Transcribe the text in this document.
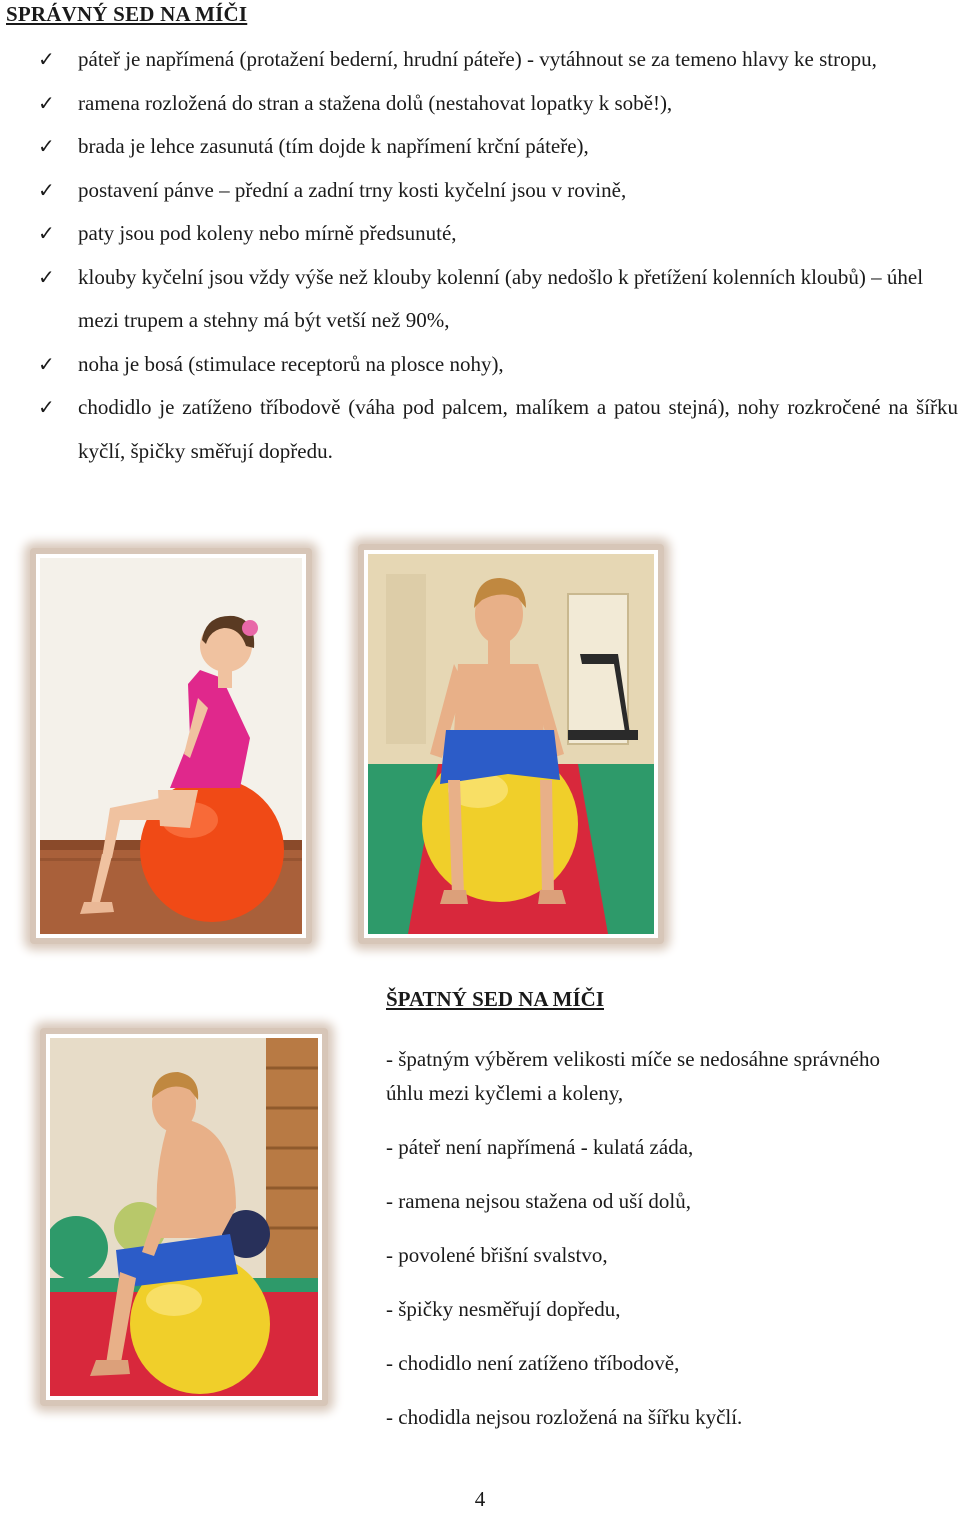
SPRÁVNÝ SED NA MÍČI
✓ páteř je napřímená (protažení bederní, hrudní páteře) - vytáhnout se za temeno hlavy ke stropu,
✓ ramena rozložená do stran a stažena dolů (nestahovat lopatky k sobě!),
✓ brada je lehce zasunutá (tím dojde k napřímení krční páteře),
✓ postavení pánve – přední a zadní trny kosti kyčelní jsou v rovině,
✓ paty jsou pod koleny nebo mírně předsunuté,
✓ klouby kyčelní jsou vždy výše než klouby kolenní (aby nedošlo k přetížení kolenních kloubů) – úhel mezi trupem a stehny má být vetší než 90%,
✓ noha je bosá (stimulace receptorů na plosce nohy),
✓ chodidlo je zatíženo tříbodově (váha pod palcem, malíkem a patou stejná), nohy rozkročené na šířku kyčlí, špičky směřují dopředu.
ŠPATNÝ SED NA MÍČI
- špatným výběrem velikosti míče se nedosáhne správného úhlu mezi kyčlemi a koleny,
- páteř není napřímená - kulatá záda,
- ramena nejsou stažena od uší dolů,
- povolené břišní svalstvo,
- špičky nesměřují dopředu,
- chodidlo není zatíženo tříbodově,
- chodidla nejsou rozložená na šířku kyčlí.
4
